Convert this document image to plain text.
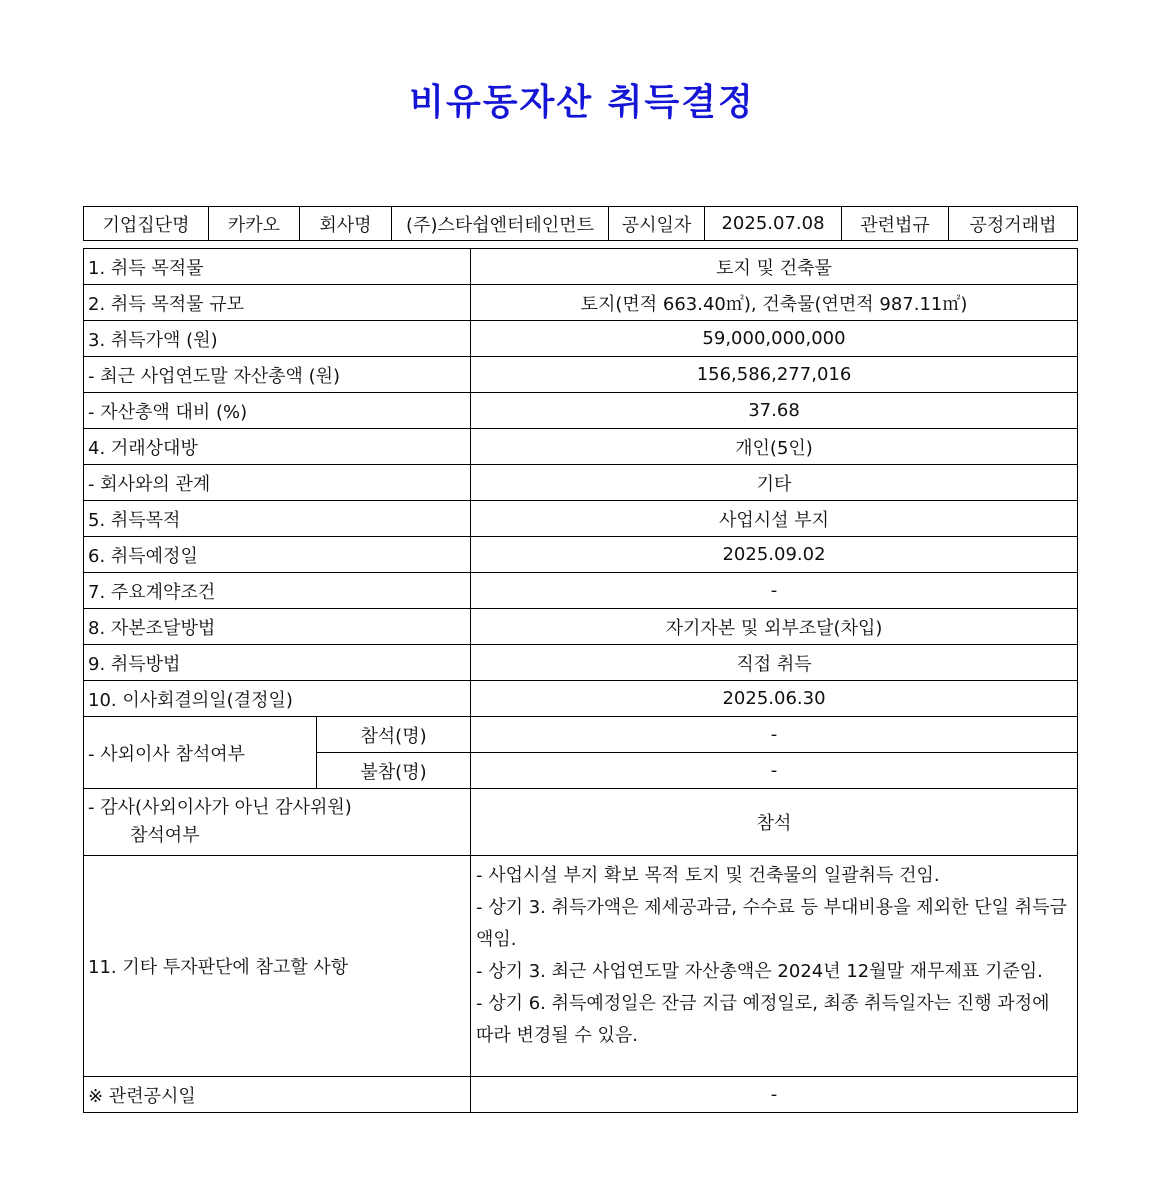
비유동자산 취득결정
기업집단명	카카오	회사명	(주)스타쉽엔터테인먼트	공시일자	2025.07.08	관련법규	공정거래법
1. 취득 목적물		토지 및 건축물
2. 취득 목적물 규모		토지(면적 663.40㎡), 건축물(연면적 987.11㎡)
3. 취득가액 (원)		59,000,000,000
- 최근 사업연도말 자산총액 (원)		156,586,277,016
- 자산총액 대비 (%)		37.68
4. 거래상대방		개인(5인)
- 회사와의 관계		기타
5. 취득목적		사업시설 부지
6. 취득예정일		2025.09.02
7. 주요계약조건		-
8. 자본조달방법		자기자본 및 외부조달(차입)
9. 취득방법		직접 취득
10. 이사회결의일(결정일)		2025.06.30
- 사외이사 참석여부	참석(명)	-
	불참(명)	-

- 감사(사외이사가 아닌 감사위원)
참석여부		참석
11. 기타 투자판단에 참고할 사항		- 사업시설 부지 확보 목적 토지 및 건축물의 일괄취득 건임.
- 상기 3. 취득가액은 제세공과금, 수수료 등 부대비용을 제외한 단일 취득금액임.
- 상기 3. 최근 사업연도말 자산총액은 2024년 12월말 재무제표 기준임.
- 상기 6. 취득예정일은 잔금 지급 예정일로, 최종 취득일자는 진행 과정에 따라 변경될 수 있음.

※ 관련공시일		-
